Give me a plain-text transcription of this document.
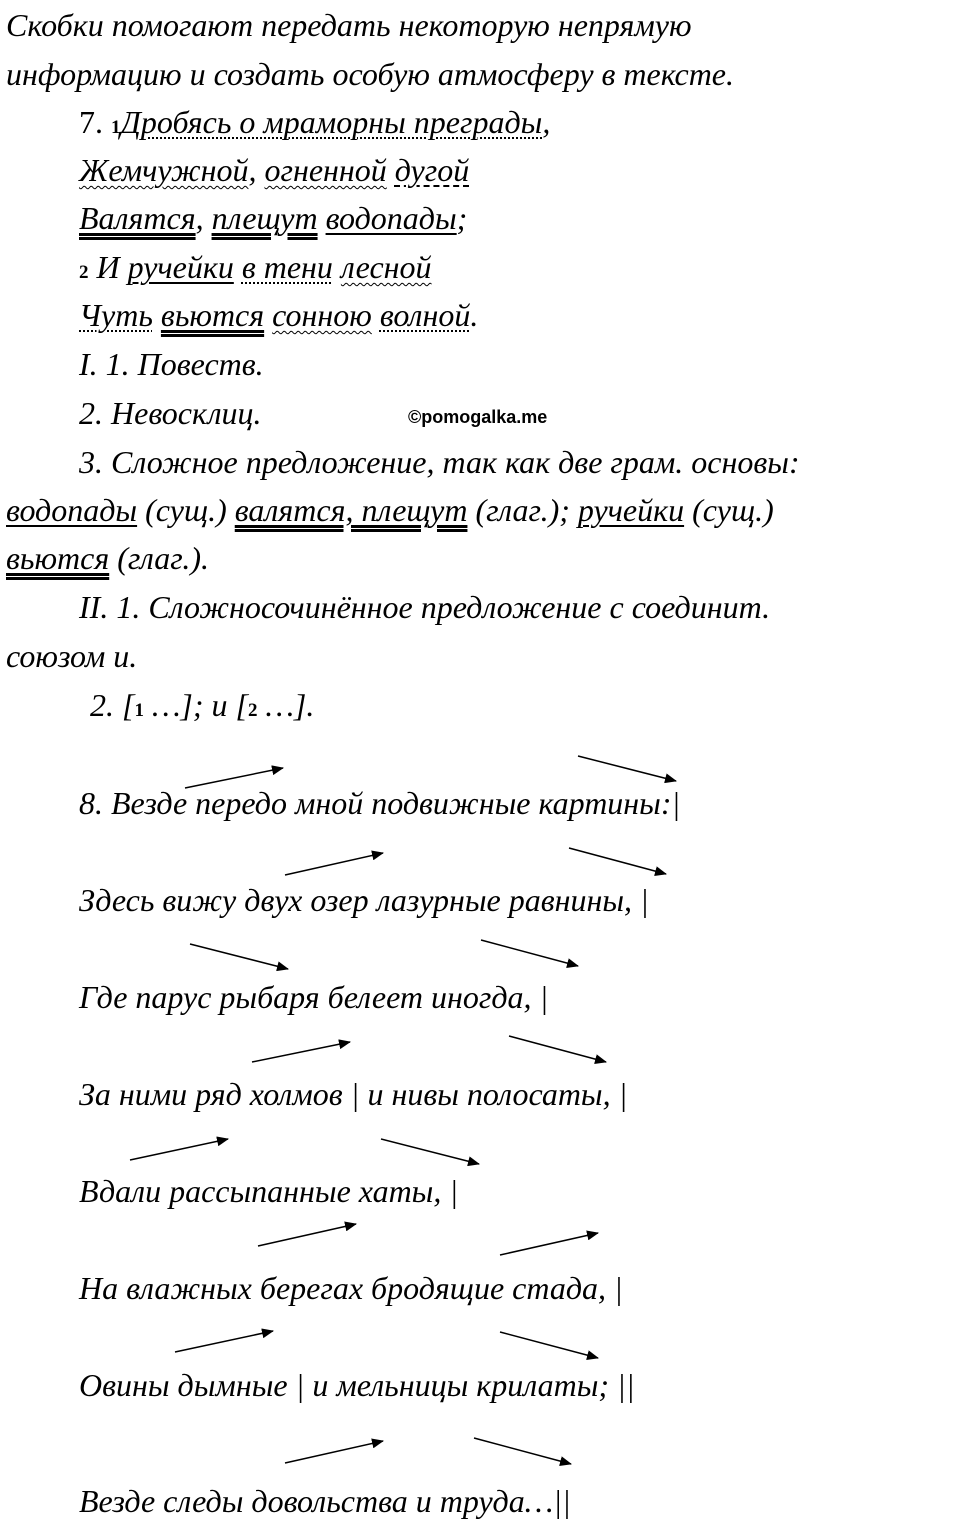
©pomogalka.me
Скобки помогают передать некоторую непрямую
информацию и создать особую атмосферу в тексте.
7. 1Дробясь о мраморны преграды,
Жемчужной, огненной дугой
Валятся, плещут водопады;
2 И ручейки в тени лесной
Чуть вьются сонною волной.
I. 1. Повеств.
2. Невосклиц.
3. Сложное предложение, так как две грам. основы:
водопады (сущ.) валятся, плещут (глаг.); ручейки (сущ.)
вьются (глаг.).
II. 1. Сложносочинённое предложение с соединит.
союзом и.
2. [1 …]; и [2 …].
8. Везде передо мной подвижные картины:|
Здесь вижу двух озер лазурные равнины, |
Где парус рыбаря белеет иногда, |
За ними ряд холмов | и нивы полосаты, |
Вдали рассыпанные хаты, |
На влажных берегах бродящие стада, |
Овины дымные | и мельницы крилаты; ||
Везде следы довольства и труда…||
